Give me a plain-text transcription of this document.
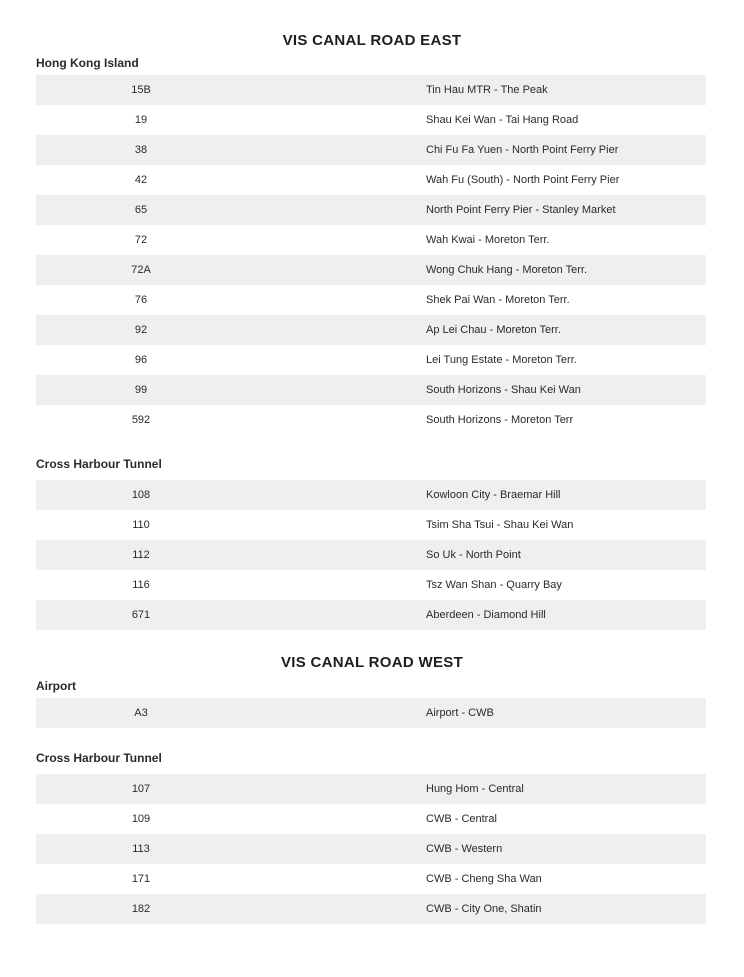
VIS CANAL ROAD EAST
Hong Kong Island
15B	Tin Hau MTR - The Peak
19	Shau Kei Wan - Tai Hang Road
38	Chi Fu Fa Yuen - North Point Ferry Pier
42	Wah Fu (South) - North Point Ferry Pier
65	North Point Ferry Pier - Stanley Market
72	Wah Kwai - Moreton Terr.
72A	Wong Chuk Hang - Moreton Terr.
76	Shek Pai Wan - Moreton Terr.
92	Ap Lei Chau - Moreton Terr.
96	Lei Tung Estate - Moreton Terr.
99	South Horizons - Shau Kei Wan
592	South Horizons - Moreton Terr
Cross Harbour Tunnel
108	Kowloon City - Braemar Hill
110	Tsim Sha Tsui - Shau Kei Wan
112	So Uk - North Point
116	Tsz Wan Shan - Quarry Bay
671	Aberdeen - Diamond Hill
VIS CANAL ROAD WEST
Airport
A3	Airport - CWB
Cross Harbour Tunnel
107	Hung Hom - Central
109	CWB - Central
113	CWB - Western
171	CWB - Cheng Sha Wan
182	CWB - City One, Shatin
